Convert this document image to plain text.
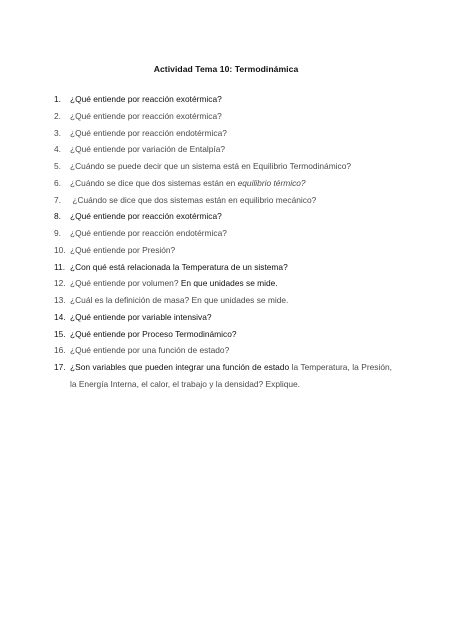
Actividad Tema 10: Termodinámica
1.	¿Qué entiende por reacción exotérmica?
2.	¿Qué entiende por reacción exotérmica?
3.	¿Qué entiende por reacción endotérmica?
4.	¿Qué entiende por variación de Entalpía?
5.	¿Cuándo se puede decir que un sistema está en Equilibrio Termodinámico?
6.	¿Cuándo se dice que dos sistemas están en equilibrio térmico?
7.	¿Cuándo se dice que dos sistemas están en equilibrio mecánico?
8.	¿Qué entiende por reacción exotérmica?
9.	¿Qué entiende por reacción endotérmica?
10. ¿Qué entiende por Presión?
11. ¿Con qué está relacionada la Temperatura de un sistema?
12. ¿Qué entiende por volumen? En que unidades se mide.
13. ¿Cuál es la definición de masa? En que unidades se mide.
14. ¿Qué entiende por variable intensiva?
15. ¿Qué entiende por Proceso Termodinámico?
16. ¿Qué entiende por una función de estado?
17. ¿Son variables que pueden integrar una función de estado la Temperatura, la Presión, la Energía Interna, el calor, el trabajo y la densidad? Explique.
